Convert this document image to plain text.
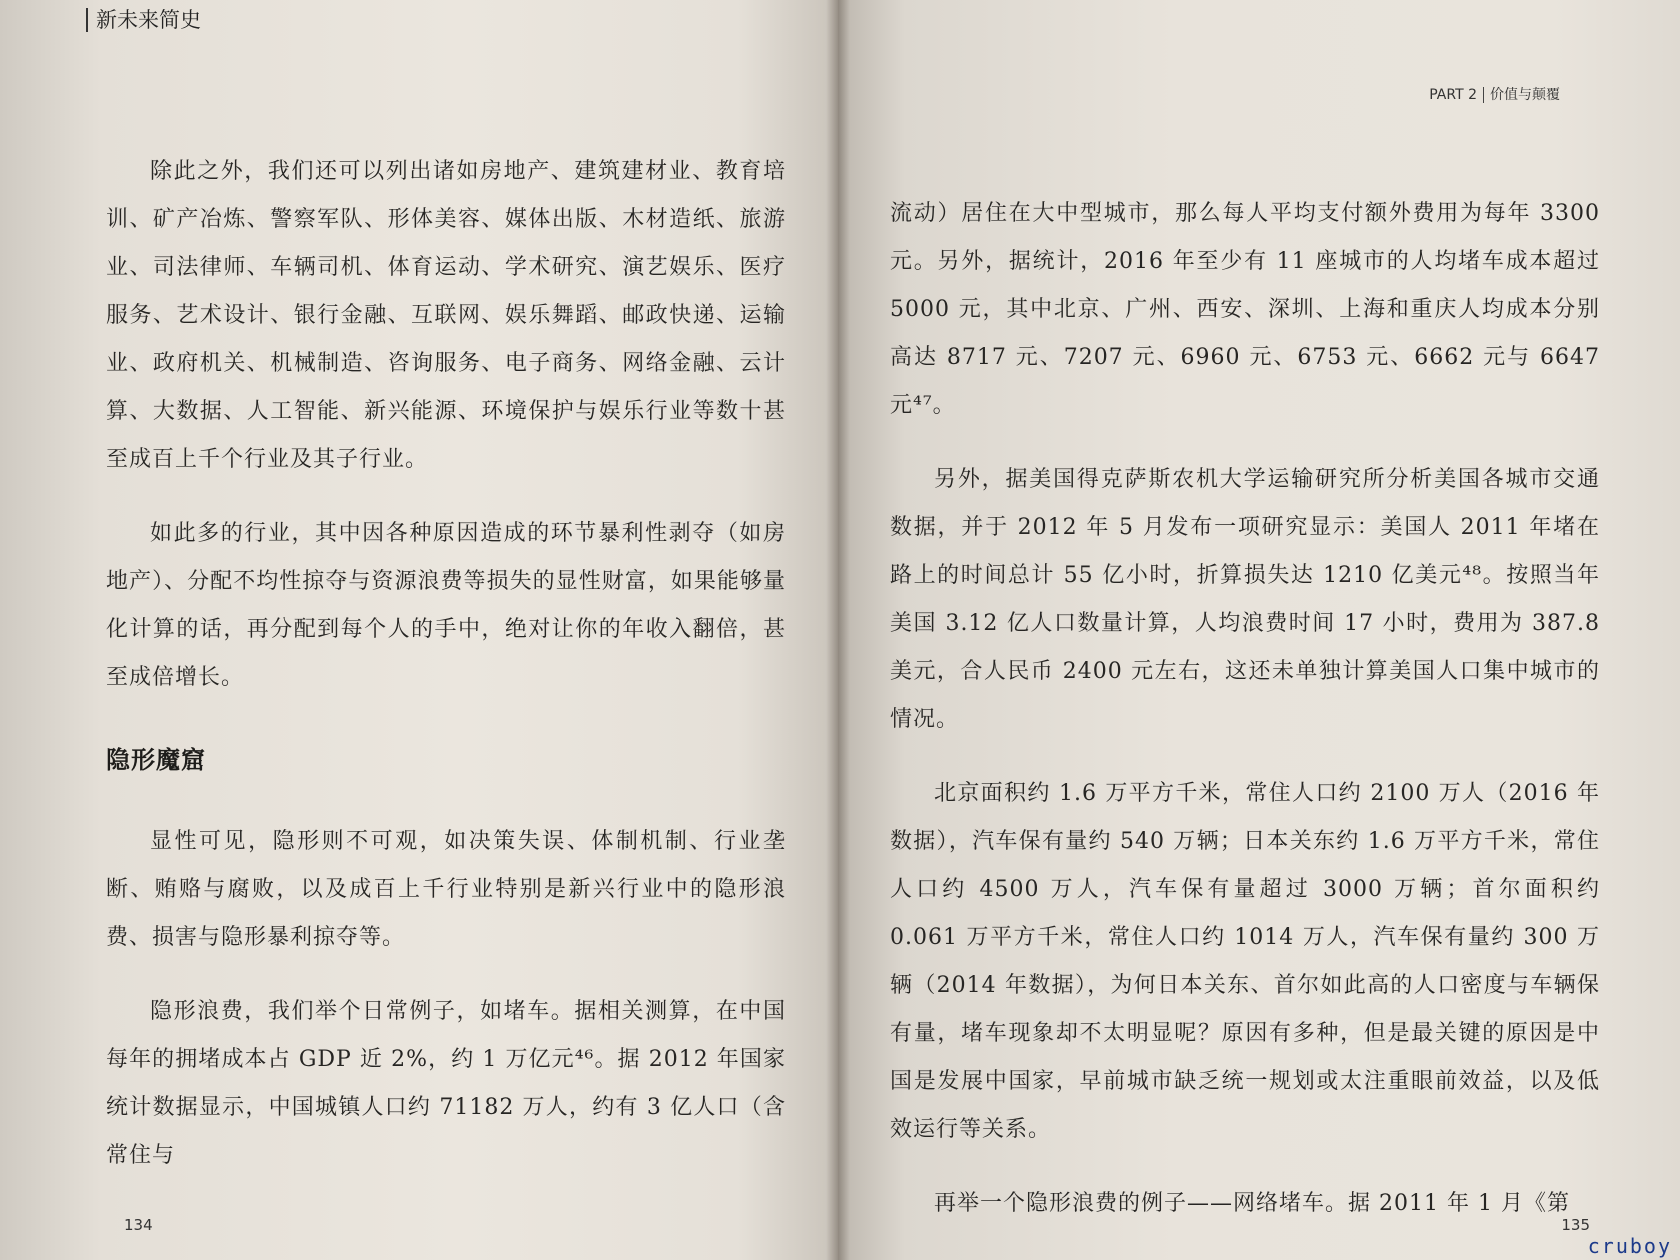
新未来简史

除此之外，我们还可以列出诸如房地产、建筑建材业、教育培训、矿产冶炼、警察军队、形体美容、媒体出版、木材造纸、旅游业、司法律师、车辆司机、体育运动、学术研究、演艺娱乐、医疗服务、艺术设计、银行金融、互联网、娱乐舞蹈、邮政快递、运输业、政府机关、机械制造、咨询服务、电子商务、网络金融、云计算、大数据、人工智能、新兴能源、环境保护与娱乐行业等数十甚至成百上千个行业及其子行业。

如此多的行业，其中因各种原因造成的环节暴利性剥夺（如房地产）、分配不均性掠夺与资源浪费等损失的显性财富，如果能够量化计算的话，再分配到每个人的手中，绝对让你的年收入翻倍，甚至成倍增长。

隐形魔窟

显性可见，隐形则不可观，如决策失误、体制机制、行业垄断、贿赂与腐败，以及成百上千行业特别是新兴行业中的隐形浪费、损害与隐形暴利掠夺等。

隐形浪费，我们举个日常例子，如堵车。据相关测算，在中国每年的拥堵成本占 GDP 近 2%，约 1 万亿元⁴⁶。据 2012 年国家统计数据显示，中国城镇人口约 71182 万人，约有 3 亿人口（含常住与

134
PART 2 价值与颠覆

流动）居住在大中型城市，那么每人平均支付额外费用为每年 3300 元。另外，据统计，2016 年至少有 11 座城市的人均堵车成本超过 5000 元，其中北京、广州、西安、深圳、上海和重庆人均成本分别高达 8717 元、7207 元、6960 元、6753 元、6662 元与 6647 元⁴⁷。

另外，据美国得克萨斯农机大学运输研究所分析美国各城市交通数据，并于 2012 年 5 月发布一项研究显示：美国人 2011 年堵在路上的时间总计 55 亿小时，折算损失达 1210 亿美元⁴⁸。按照当年美国 3.12 亿人口数量计算，人均浪费时间 17 小时，费用为 387.8 美元，合人民币 2400 元左右，这还未单独计算美国人口集中城市的情况。

北京面积约 1.6 万平方千米，常住人口约 2100 万人（2016 年数据），汽车保有量约 540 万辆；日本关东约 1.6 万平方千米，常住人口约 4500 万人，汽车保有量超过 3000 万辆；首尔面积约 0.061 万平方千米，常住人口约 1014 万人，汽车保有量约 300 万辆（2014 年数据），为何日本关东、首尔如此高的人口密度与车辆保有量，堵车现象却不太明显呢？原因有多种，但是最关键的原因是中国是发展中国家，早前城市缺乏统一规划或太注重眼前效益，以及低效运行等关系。

再举一个隐形浪费的例子——网络堵车。据 2011 年 1 月《第

135
cruboy
